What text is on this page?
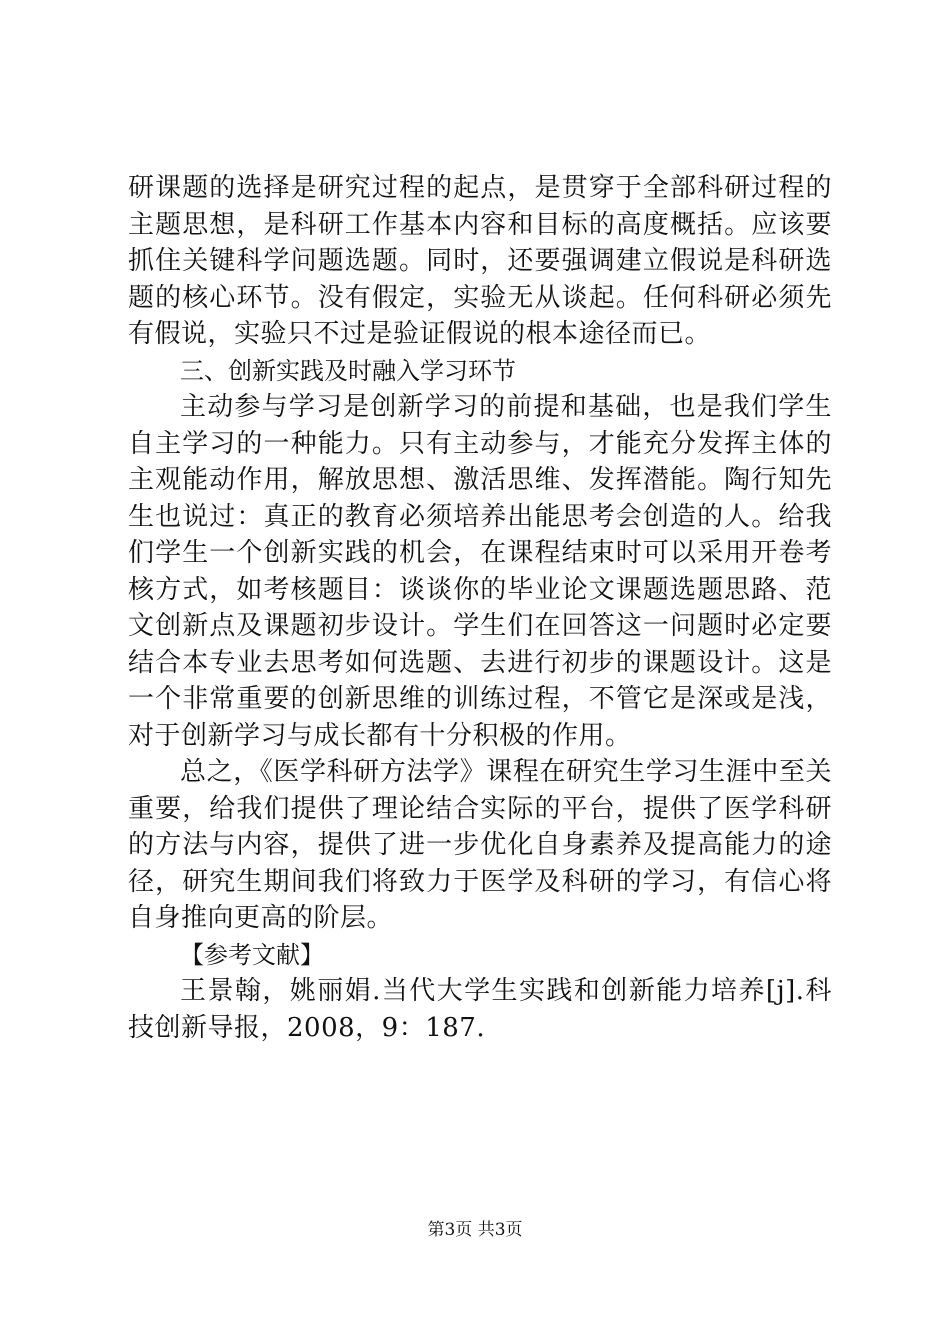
研课题的选择是研究过程的起点，是贯穿于全部科研过程的主题思想，是科研工作基本内容和目标的高度概括。应该要抓住关键科学问题选题。同时，还要强调建立假说是科研选题的核心环节。没有假定，实验无从谈起。任何科研必须先有假说，实验只不过是验证假说的根本途径而已。

三、创新实践及时融入学习环节

主动参与学习是创新学习的前提和基础，也是我们学生自主学习的一种能力。只有主动参与，才能充分发挥主体的主观能动作用，解放思想、激活思维、发挥潜能。陶行知先生也说过：真正的教育必须培养出能思考会创造的人。给我们学生一个创新实践的机会，在课程结束时可以采用开卷考核方式，如考核题目：谈谈你的毕业论文课题选题思路、范文创新点及课题初步设计。学生们在回答这一问题时必定要结合本专业去思考如何选题、去进行初步的课题设计。这是一个非常重要的创新思维的训练过程，不管它是深或是浅，对于创新学习与成长都有十分积极的作用。

总之，《医学科研方法学》课程在研究生学习生涯中至关重要，给我们提供了理论结合实际的平台，提供了医学科研的方法与内容，提供了进一步优化自身素养及提高能力的途径，研究生期间我们将致力于医学及科研的学习，有信心将自身推向更高的阶层。

【参考文献】

王景翰，姚丽娟.当代大学生实践和创新能力培养[j].科技创新导报，2008，9：187.

第3页 共3页
